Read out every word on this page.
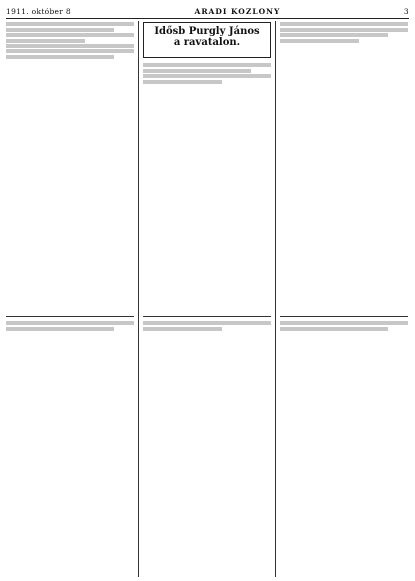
1911. október 8	ARADI KOZLONY	3
Idősb Purgly János
a ravatalon.
